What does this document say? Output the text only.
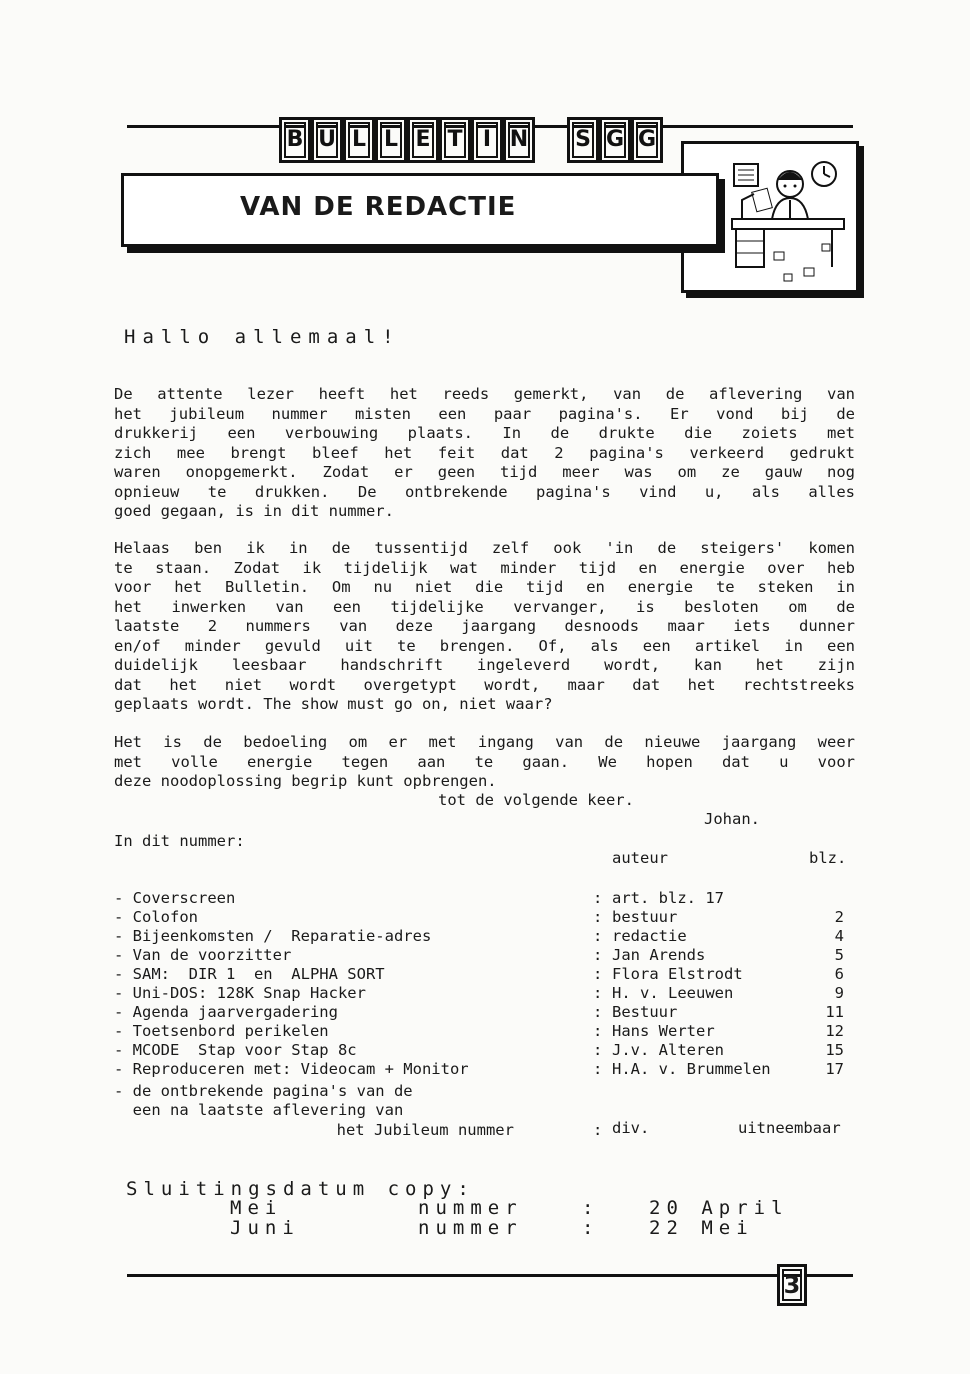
B U L L E T I N	S G G
VAN DE REDACTIE
Hallo allemaal!
De attente lezer heeft het reeds gemerkt, van de aflevering van
het jubileum nummer misten een paar pagina's. Er vond bij de
drukkerij een verbouwing plaats. In de drukte die zoiets met
zich mee brengt bleef het feit dat 2 pagina's verkeerd gedrukt
waren onopgemerkt. Zodat er geen tijd meer was om ze gauw nog
opnieuw te drukken. De ontbrekende pagina's vind u, als alles
goed gegaan, is in dit nummer.
Helaas ben ik in de tussentijd zelf ook 'in de steigers' komen
te staan. Zodat ik tijdelijk wat minder tijd en energie over heb
voor het Bulletin. Om nu niet die tijd en energie te steken in
het inwerken van een tijdelijke vervanger, is besloten om de
laatste 2 nummers van deze jaargang desnoods maar iets dunner
en/of minder gevuld uit te brengen. Of, als een artikel in een
duidelijk leesbaar handschrift ingeleverd wordt, kan het zijn
dat het niet wordt overgetypt wordt, maar dat het rechtstreeks
geplaats wordt. The show must go on, niet waar?
Het is de bedoeling om er met ingang van de nieuwe jaargang weer
met volle energie tegen aan te gaan. We hopen dat u voor
deze noodoplossing begrip kunt opbrengen.
tot de volgende keer.
Johan.
In dit nummer:
auteur	blz.
- Coverscreen	: art. blz. 17
- Colofon	: bestuur	2
- Bijeenkomsten /  Reparatie-adres	: redactie	4
- Van de voorzitter	: Jan Arends	5
- SAM:  DIR 1  en  ALPHA SORT	: Flora Elstrodt	6
- Uni-DOS: 128K Snap Hacker	: H. v. Leeuwen	9
- Agenda jaarvergadering	: Bestuur	11
- Toetsenbord perikelen	: Hans Werter	12
- MCODE  Stap voor Stap 8c	: J.v. Alteren	15
- Reproduceren met: Videocam + Monitor	: H.A. v. Brummelen	17
- de ontbrekende pagina's van de
een na laatste aflevering van
het Jubileum nummer	: div.	uitneembaar
Sluitingsdatum copy:
Mei	nummer	:	20 April
Juni	nummer	:	22 Mei
3
